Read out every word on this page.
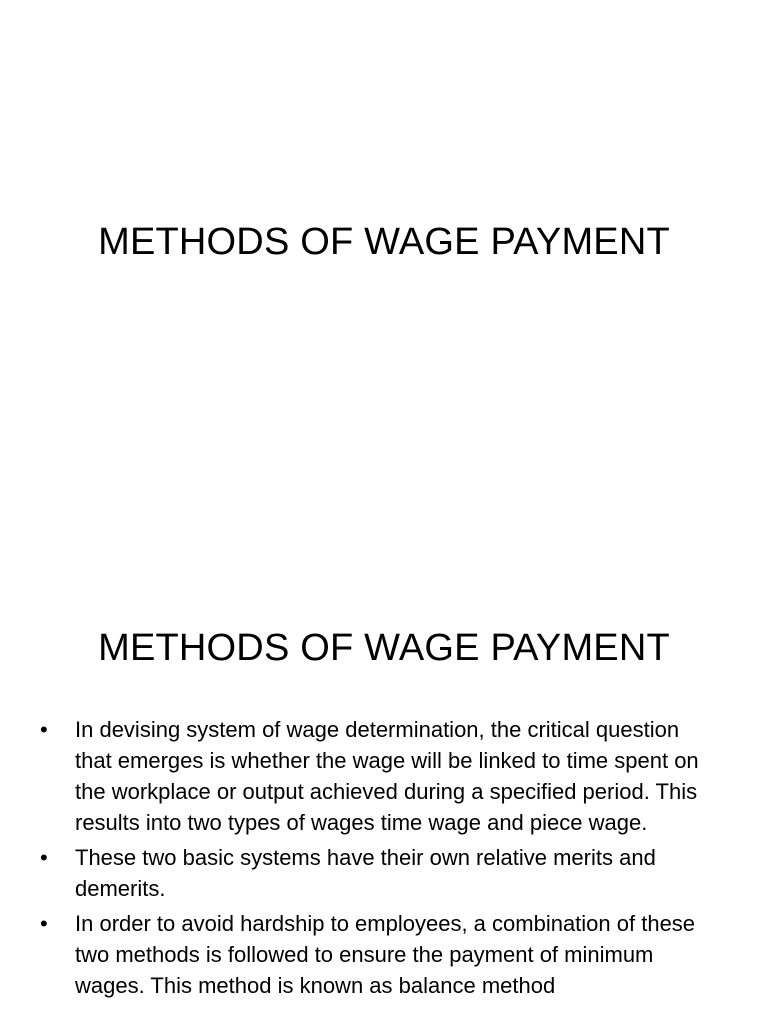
METHODS OF WAGE PAYMENT
METHODS OF WAGE PAYMENT
•	In devising system of wage determination, the critical question that emerges is whether the wage will be linked to time spent on the workplace or output achieved during a specified period. This results into two types of wages time wage and piece wage.
•	These two basic systems have their own relative merits and demerits.
•	In order to avoid hardship to employees, a combination of these two methods is followed to ensure the payment of minimum wages. This method is known as balance method
